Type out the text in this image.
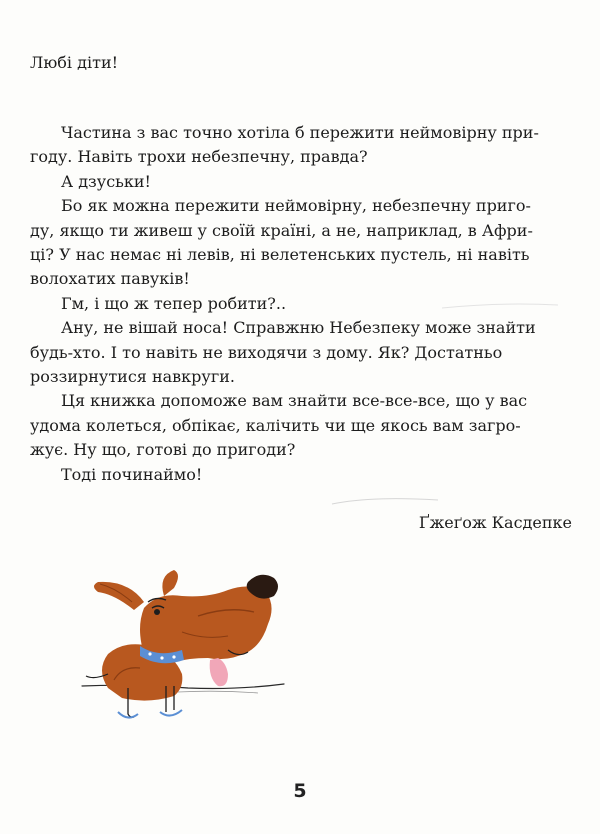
Любі діти!

Частина з вас точно хотіла б пережити неймовірну при-
году. Навіть трохи небезпечну, правда?
А дзуськи!
Бо як можна пережити неймовірну, небезпечну приго-
ду, якщо ти живеш у своїй країні, а не, наприклад, в Афри-
ці? У нас немає ні левів, ні велетенських пустель, ні навіть
волохатих павуків!
Гм, і що ж тепер робити?..
Ану, не вішай носа! Справжню Небезпеку може знайти
будь-хто. І то навіть не виходячи з дому. Як? Достатньо
роззирнутися навкруги.
Ця книжка допоможе вам знайти все-все-все, що у вас
удома колеться, обпікає, калічить чи ще якось вам загро-
жує. Ну що, готові до пригоди?
Тоді починаймо!

Ґжеґож Касдепке

5
